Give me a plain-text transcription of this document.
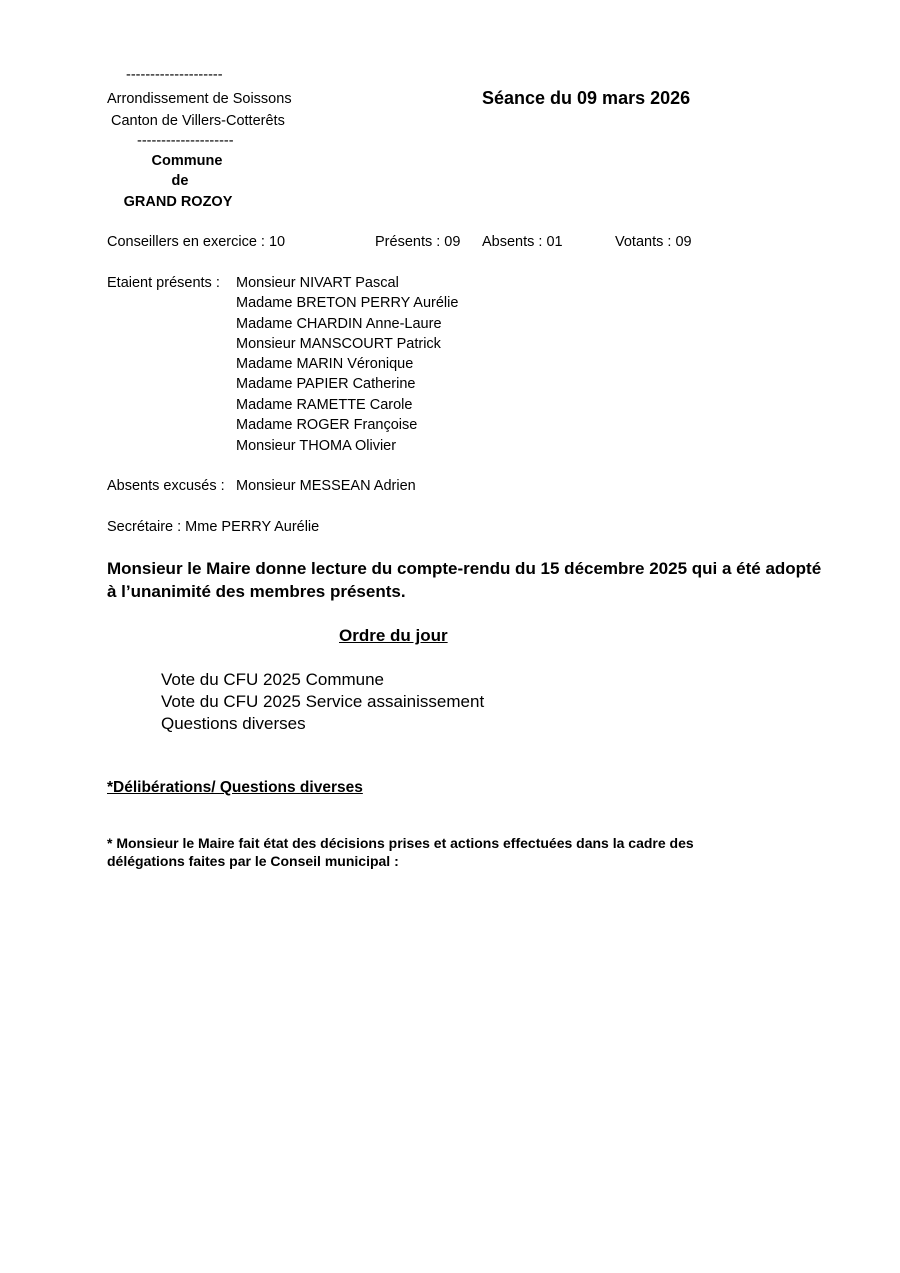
--------------------
Arrondissement de Soissons
Canton de Villers-Cotterêts
--------------------
Commune
de
GRAND ROZOY
Séance du 09 mars 2026
Conseillers en exercice : 10	Présents : 09 Absents : 01	Votants : 09
Etaient présents : Monsieur NIVART Pascal
Madame BRETON PERRY Aurélie
Madame CHARDIN Anne-Laure
Monsieur MANSCOURT Patrick
Madame MARIN Véronique
Madame PAPIER Catherine
Madame RAMETTE Carole
Madame ROGER Françoise
Monsieur THOMA Olivier
Absents excusés : Monsieur MESSEAN Adrien
Secrétaire : Mme PERRY Aurélie
Monsieur le Maire donne lecture du compte-rendu du 15 décembre 2025 qui a été adopté
à l’unanimité des membres présents.
Ordre du jour
Vote du CFU 2025 Commune
Vote du CFU 2025 Service assainissement
Questions diverses
*Délibérations/ Questions diverses
* Monsieur le Maire fait état des décisions prises et actions effectuées dans la cadre des
délégations faites par le Conseil municipal :
